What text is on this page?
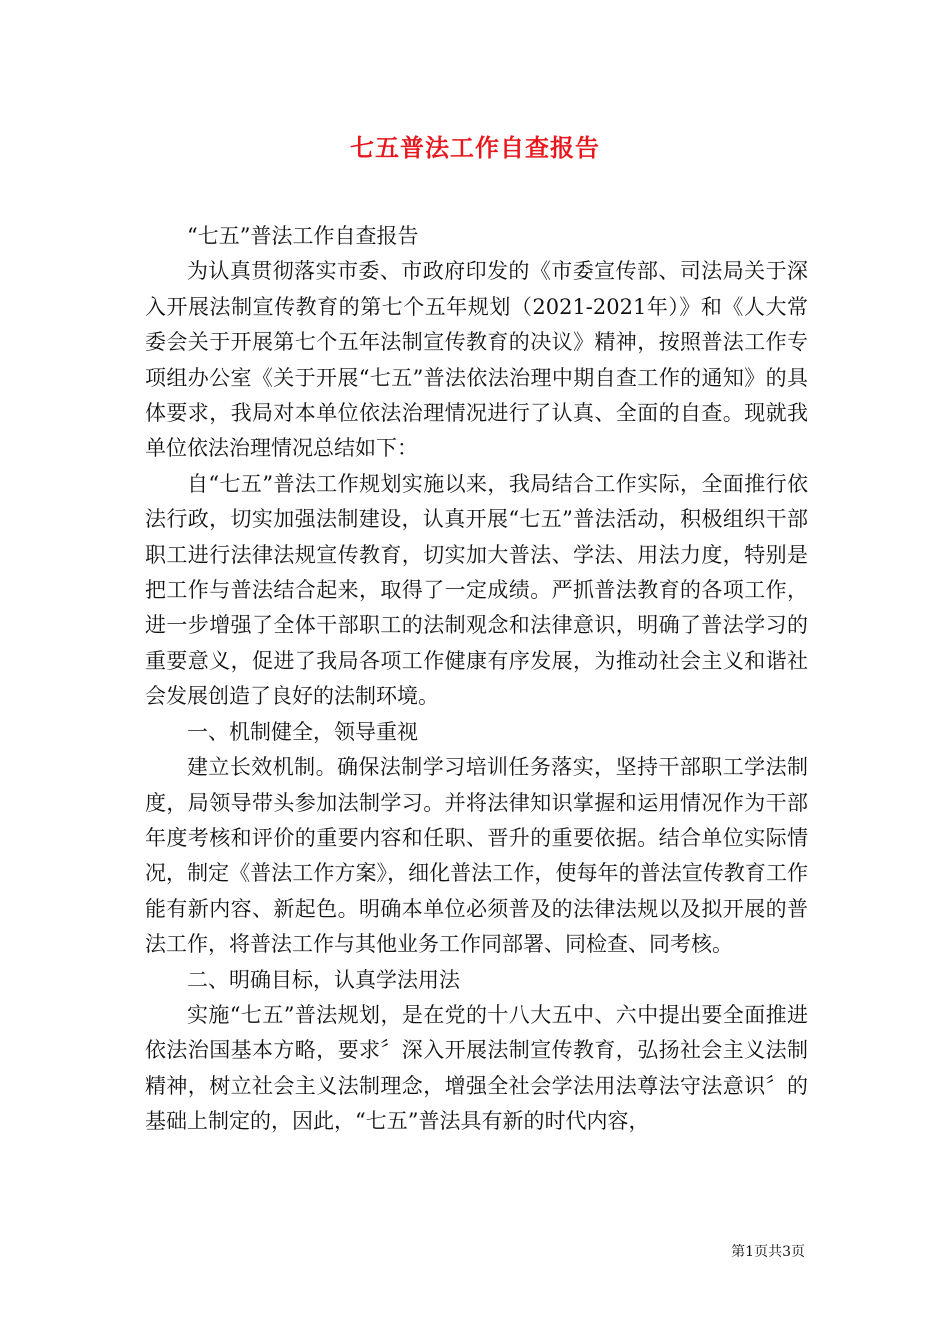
七五普法工作自查报告

“七五”普法工作自查报告

为认真贯彻落实市委、市政府印发的《市委宣传部、司法局关于深入开展法制宣传教育的第七个五年规划（2021-2021年）》和《人大常委会关于开展第七个五年法制宣传教育的决议》精神，按照普法工作专项组办公室《关于开展“七五”普法依法治理中期自查工作的通知》的具体要求，我局对本单位依法治理情况进行了认真、全面的自查。现就我单位依法治理情况总结如下：

自“七五”普法工作规划实施以来，我局结合工作实际，全面推行依法行政，切实加强法制建设，认真开展“七五”普法活动，积极组织干部职工进行法律法规宣传教育，切实加大普法、学法、用法力度，特别是把工作与普法结合起来，取得了一定成绩。严抓普法教育的各项工作，进一步增强了全体干部职工的法制观念和法律意识，明确了普法学习的重要意义，促进了我局各项工作健康有序发展，为推动社会主义和谐社会发展创造了良好的法制环境。

一、机制健全，领导重视

建立长效机制。确保法制学习培训任务落实，坚持干部职工学法制度，局领导带头参加法制学习。并将法律知识掌握和运用情况作为干部年度考核和评价的重要内容和任职、晋升的重要依据。结合单位实际情况，制定《普法工作方案》，细化普法工作，使每年的普法宣传教育工作能有新内容、新起色。明确本单位必须普及的法律法规以及拟开展的普法工作，将普法工作与其他业务工作同部署、同检查、同考核。

二、明确目标，认真学法用法

实施“七五”普法规划，是在党的十八大五中、六中提出要全面推进依法治国基本方略，要求〞深入开展法制宣传教育，弘扬社会主义法制精神，树立社会主义法制理念，增强全社会学法用法尊法守法意识〞的基础上制定的，因此，“七五”普法具有新的时代内容，

第1页共3页
